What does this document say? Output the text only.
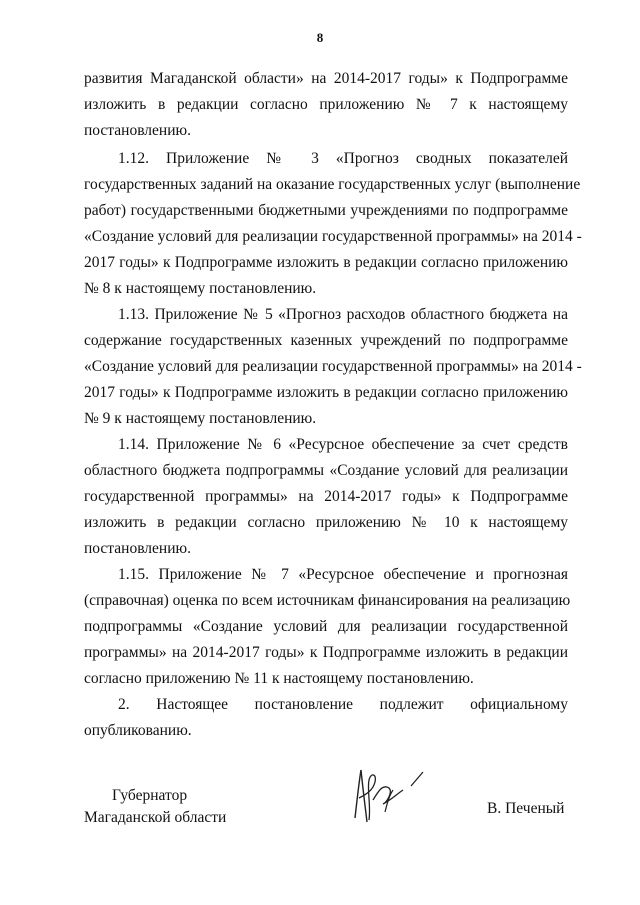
8
развития Магаданской области» на 2014-2017 годы» к Подпрограмме
изложить в редакции согласно приложению № 7 к настоящему
постановлению.
1.12. Приложение № 3 «Прогноз сводных показателей
государственных заданий на оказание государственных услуг (выполнение
работ) государственными бюджетными учреждениями по подпрограмме
«Создание условий для реализации государственной программы» на 2014 -
2017 годы» к Подпрограмме изложить в редакции согласно приложению
№ 8 к настоящему постановлению.
1.13. Приложение № 5 «Прогноз расходов областного бюджета на
содержание государственных казенных учреждений по подпрограмме
«Создание условий для реализации государственной программы» на 2014 -
2017 годы» к Подпрограмме изложить в редакции согласно приложению
№ 9 к настоящему постановлению.
1.14. Приложение № 6 «Ресурсное обеспечение за счет средств
областного бюджета подпрограммы «Создание условий для реализации
государственной программы» на 2014-2017 годы» к Подпрограмме
изложить в редакции согласно приложению № 10 к настоящему
постановлению.
1.15. Приложение № 7 «Ресурсное обеспечение и прогнозная
(справочная) оценка по всем источникам финансирования на реализацию
подпрограммы «Создание условий для реализации государственной
программы» на 2014-2017 годы» к Подпрограмме изложить в редакции
согласно приложению № 11 к настоящему постановлению.
2. Настоящее постановление подлежит официальному
опубликованию.
Губернатор
Магаданской области
В. Печеный
